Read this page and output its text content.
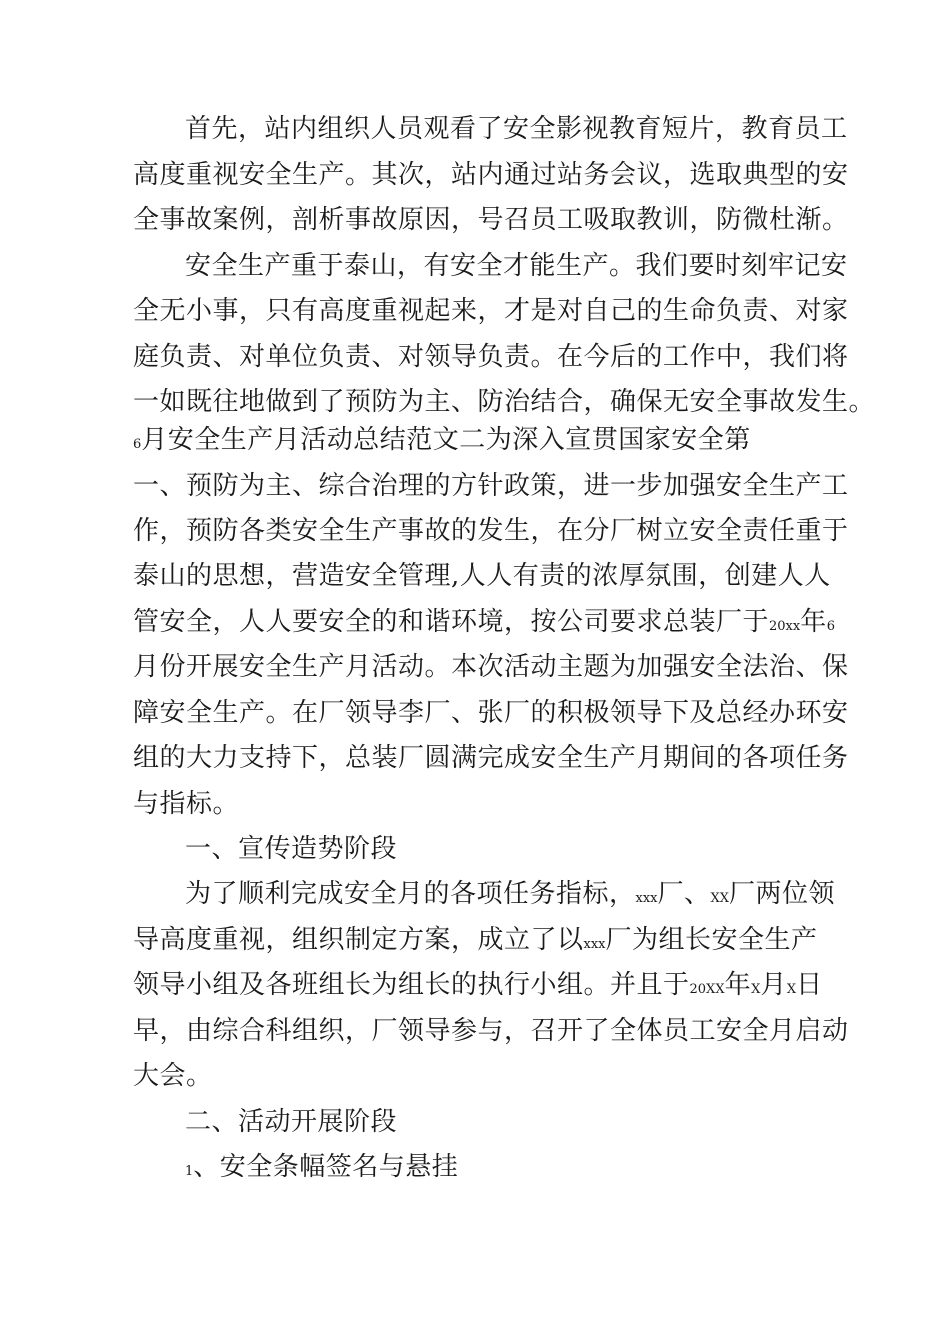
首先，站内组织人员观看了安全影视教育短片，教育员工
高度重视安全生产。其次，站内通过站务会议，选取典型的安
全事故案例，剖析事故原因，号召员工吸取教训，防微杜渐。
安全生产重于泰山，有安全才能生产。我们要时刻牢记安
全无小事，只有高度重视起来，才是对自己的生命负责、对家
庭负责、对单位负责、对领导负责。在今后的工作中，我们将
一如既往地做到了预防为主、防治结合，确保无安全事故发生。
6月安全生产月活动总结范文二为深入宣贯国家安全第
一、预防为主、综合治理的方针政策，进一步加强安全生产工
作，预防各类安全生产事故的发生，在分厂树立安全责任重于
泰山的思想，营造安全管理,人人有责的浓厚氛围，创建人人
管安全，人人要安全的和谐环境，按公司要求总装厂于20xx年6
月份开展安全生产月活动。本次活动主题为加强安全法治、保
障安全生产。在厂领导李厂、张厂的积极领导下及总经办环安
组的大力支持下，总装厂圆满完成安全生产月期间的各项任务
与指标。
一、宣传造势阶段
为了顺利完成安全月的各项任务指标，xxx厂、XX厂两位领
导高度重视，组织制定方案，成立了以xxx厂为组长安全生产
领导小组及各班组长为组长的执行小组。并且于20XX年X月X日
早，由综合科组织，厂领导参与，召开了全体员工安全月启动
大会。
二、活动开展阶段
1、安全条幅签名与悬挂
